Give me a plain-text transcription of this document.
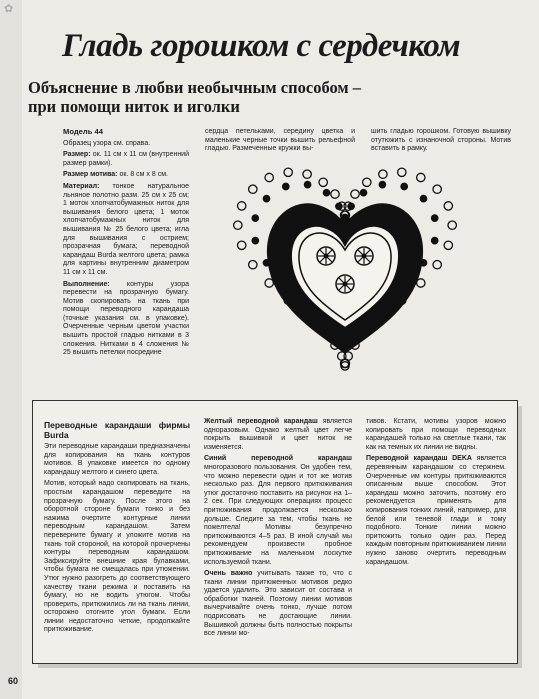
✿
Гладь горошком с сердечком
Объяснение в любви необычным способом –
при помощи ниток и иголки

Модель 44

Образец узора см. справа.

Размер: ок. 11 см х 11 см (внутренний размер рамки).

Размер мотива: ок. 8 см х 8 см.

Материал: тонкое натуральное льняное полотно разм. 25 см х 25 см; 1 моток хлопчатобумажных ниток для вышивания белого цвета; 1 моток хлопчатобумажных ниток для вышивания № 25 белого цвета; игла для вышивания с острием; прозрачная бумага; переводной карандаш Burda желтого цвета; рамка для картины внутренним диаметром 11 см х 11 см.

Выполнение: контуры узора перевести на прозрачную бумагу. Мотив скопировать на ткань при помощи переводного карандаша (точные указания см. в упаковке). Очерченные черным цветом участки вышить простой гладью нитками в 3 сложения. Нитками в 4 сложения № 25 вышить петелки посредине

сердца петельками, середину цветка и маленькие черные точки вышить рельефной гладью. Размеченные кружки вы-

шить гладью горошком. Готовую вышивку отутюжить с изнаночной стороны. Мотив вставить в рамку.

Переводные карандаши фирмы Burda

Эти переводные карандаши предназначены для копирования на ткань контуров мотивов. В упаковке имеется по одному карандашу желтого и синего цвета.

Мотив, который надо скопировать на ткань, простым карандашом переведите на прозрачную бумагу. После этого на оборотной стороне бумаги тонко и без нажима очертите контурные линии переводным карандашом. Затем переверните бумагу и уложите мотив на ткань той стороной, на которой прочерчены контуры переводным карандашом. Зафиксируйте внешние края булавками, чтобы бумага не смещалась при утюжении. Утюг нужно разогреть до соответствующего качеству ткани режима и поставить на бумагу, но не водить утюгом. Чтобы проверить, притюжились ли на ткань линии, осторожно отогните угол бумаги. Если линии недостаточно четкие, продолжайте притюживание.

Желтый переводной карандаш является одноразовым. Однако желтый цвет легче покрыть вышивкой и цвет ниток не изменяется.

Синий переводной карандаш многоразового пользования. Он удобен тем, что можно перевести один и тот же мотив несколько раз. Для первого притюживания утюг достаточно поставить на рисунок на 1–2 сек. При следующих операциях процесс притюживания продолжается несколько дольше. Следите за тем, чтобы ткань не пожелтела! Мотивы безупречно притюживаются 4–5 раз. В иной случай мы рекомендуем произвести пробное притюживание на маленьком лоскутке используемой ткани.

Очень важно учитывать также то, что с ткани линии притюженных мотивов редко удается удалить. Это зависит от состава и обработки тканей. Поэтому линии мотивов вычерчивайте очень тонко, лучше потом подрисовать не достающие линии. Вышивкой должны быть полностью покрыты все линии мо-

тивов. Кстати, мотивы узоров можно копировать при помощи переводных карандашей только на светлые ткани, так как на темных их линии не видны.

Переводной карандаш DEKA является деревянным карандашом со стержнем. Очерченные им контуры притюживаются описанным выше способом. Этот карандаш можно заточить, поэтому его рекомендуется применять для копирования тонких линий, например, для белой или теневой глади и тому подобного. Тонкие линии можно притюжить только один раз. Перед каждым повторным притюживанием линии нужно заново очертить переводным карандашом.

60
